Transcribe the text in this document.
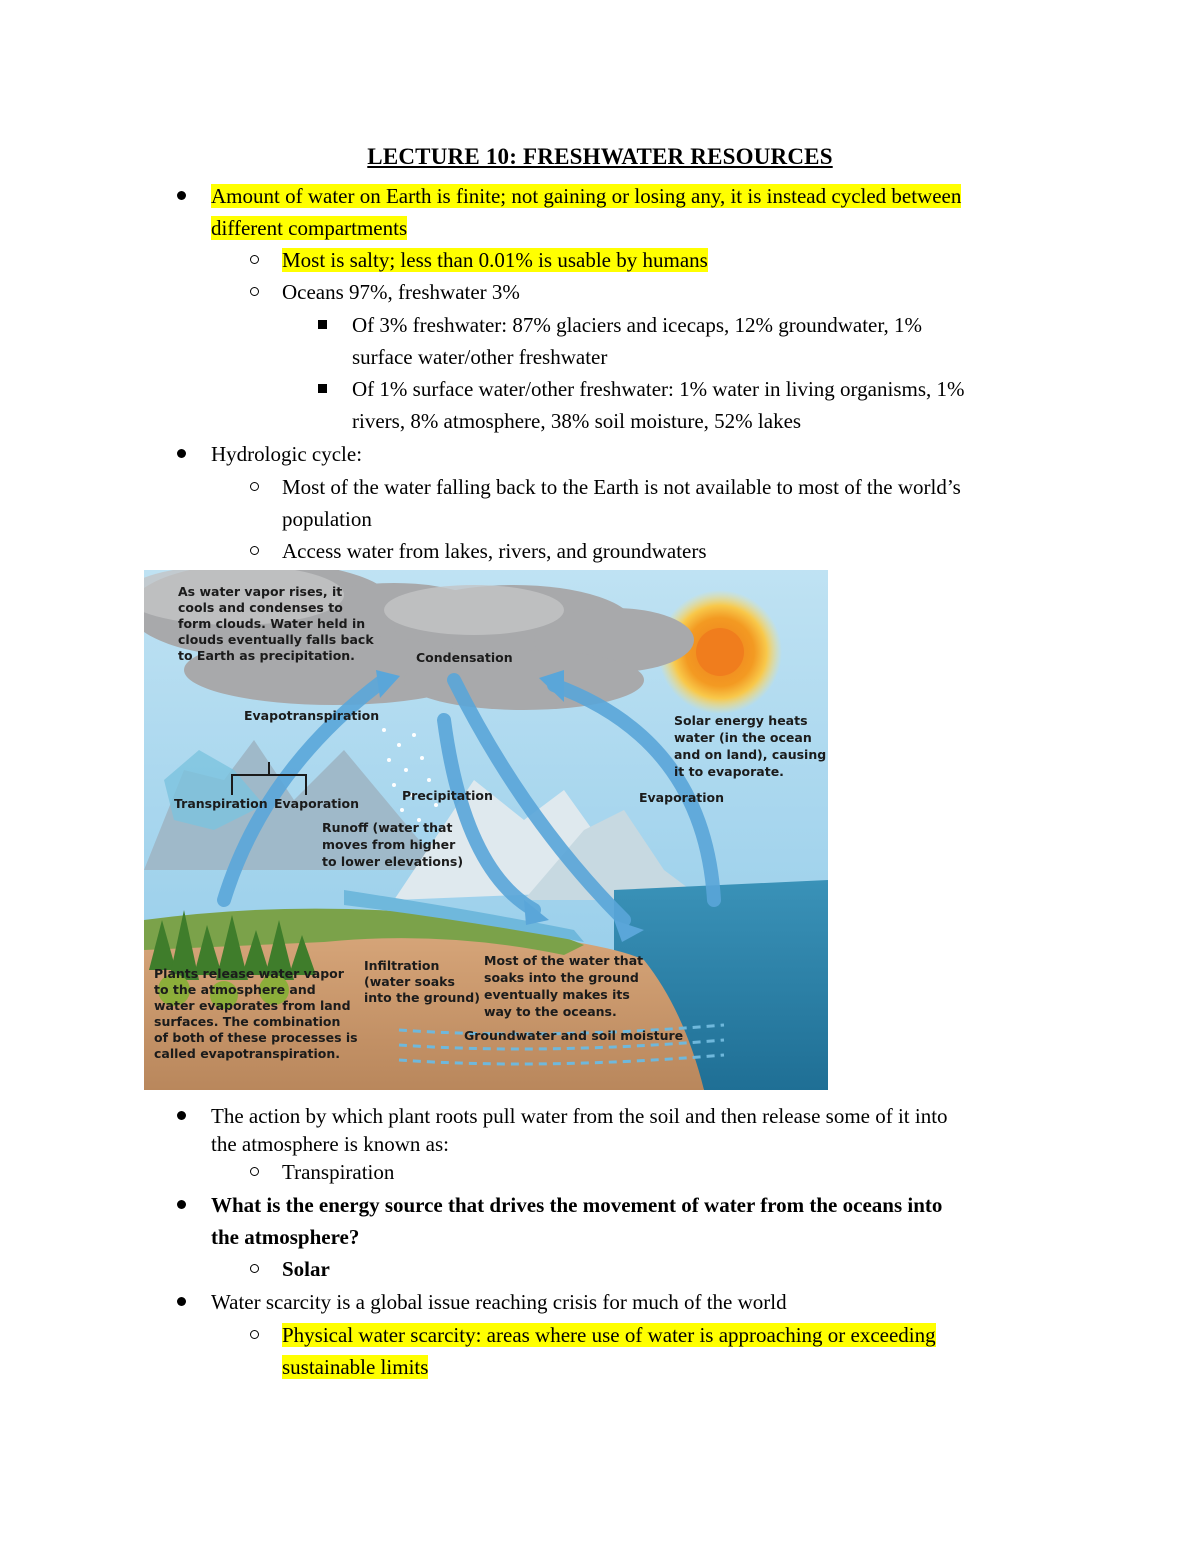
LECTURE 10: FRESHWATER RESOURCES
Amount of water on Earth is finite; not gaining or losing any, it is instead cycled between
different compartments
Most is salty; less than 0.01% is usable by humans
Oceans 97%, freshwater 3%
Of 3% freshwater: 87% glaciers and icecaps, 12% groundwater, 1%
surface water/other freshwater
Of 1% surface water/other freshwater: 1% water in living organisms, 1%
rivers, 8% atmosphere, 38% soil moisture, 52% lakes
Hydrologic cycle:
Most of the water falling back to the Earth is not available to most of the world’s
population
Access water from lakes, rivers, and groundwaters
As water vapor rises, it cools and condenses to form clouds. Water held in clouds eventually falls back to Earth as precipitation.	Condensation
Evapotranspiration	Solar energy heats water (in the ocean and on land), causing it to evaporate.
Transpiration Evaporation
Precipitation	Evaporation
Runoff (water that moves from higher to lower elevations)
Plants release water vapor to the atmosphere and water evaporates from land surfaces. The combination of both of these processes is called evapotranspiration.
Infiltration (water soaks into the ground)
Most of the water that soaks into the ground eventually makes its way to the oceans.
Groundwater and soil moisture
The action by which plant roots pull water from the soil and then release some of it into
the atmosphere is known as:
Transpiration
What is the energy source that drives the movement of water from the oceans into
the atmosphere?
Solar
Water scarcity is a global issue reaching crisis for much of the world
Physical water scarcity: areas where use of water is approaching or exceeding
sustainable limits
